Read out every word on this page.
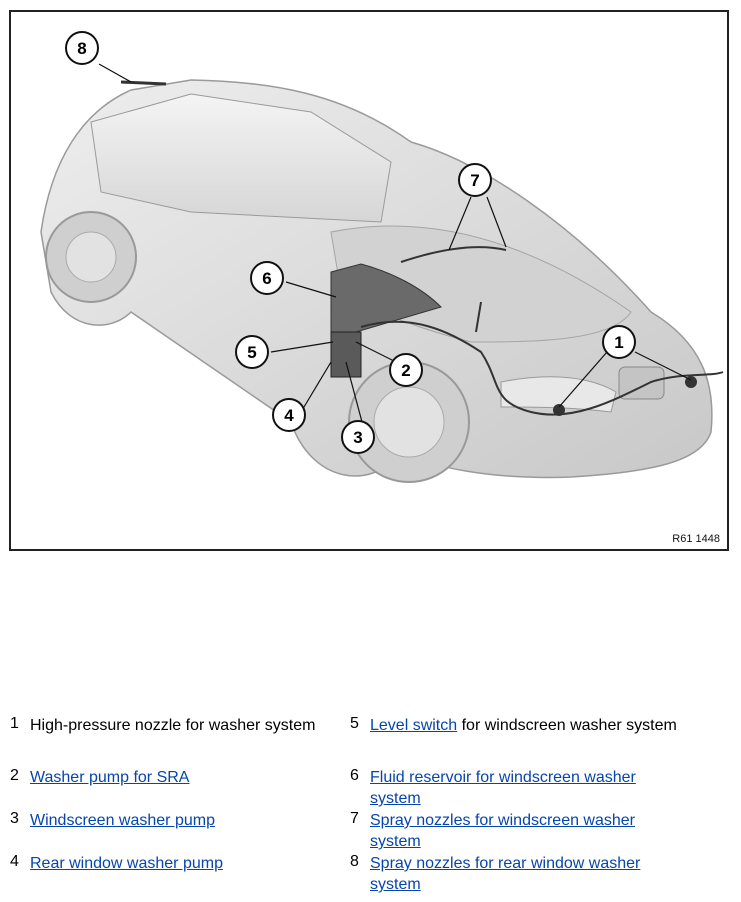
1
2
3
4
5
6
7
8
R61 1448
1 High-pressure nozzle for washer system
2 Washer pump for SRA
3 Windscreen washer pump
4 Rear window washer pump
5 Level switch for windscreen washer system
6 Fluid reservoir for windscreen washer system
7 Spray nozzles for windscreen washer system
8 Spray nozzles for rear window washer system
